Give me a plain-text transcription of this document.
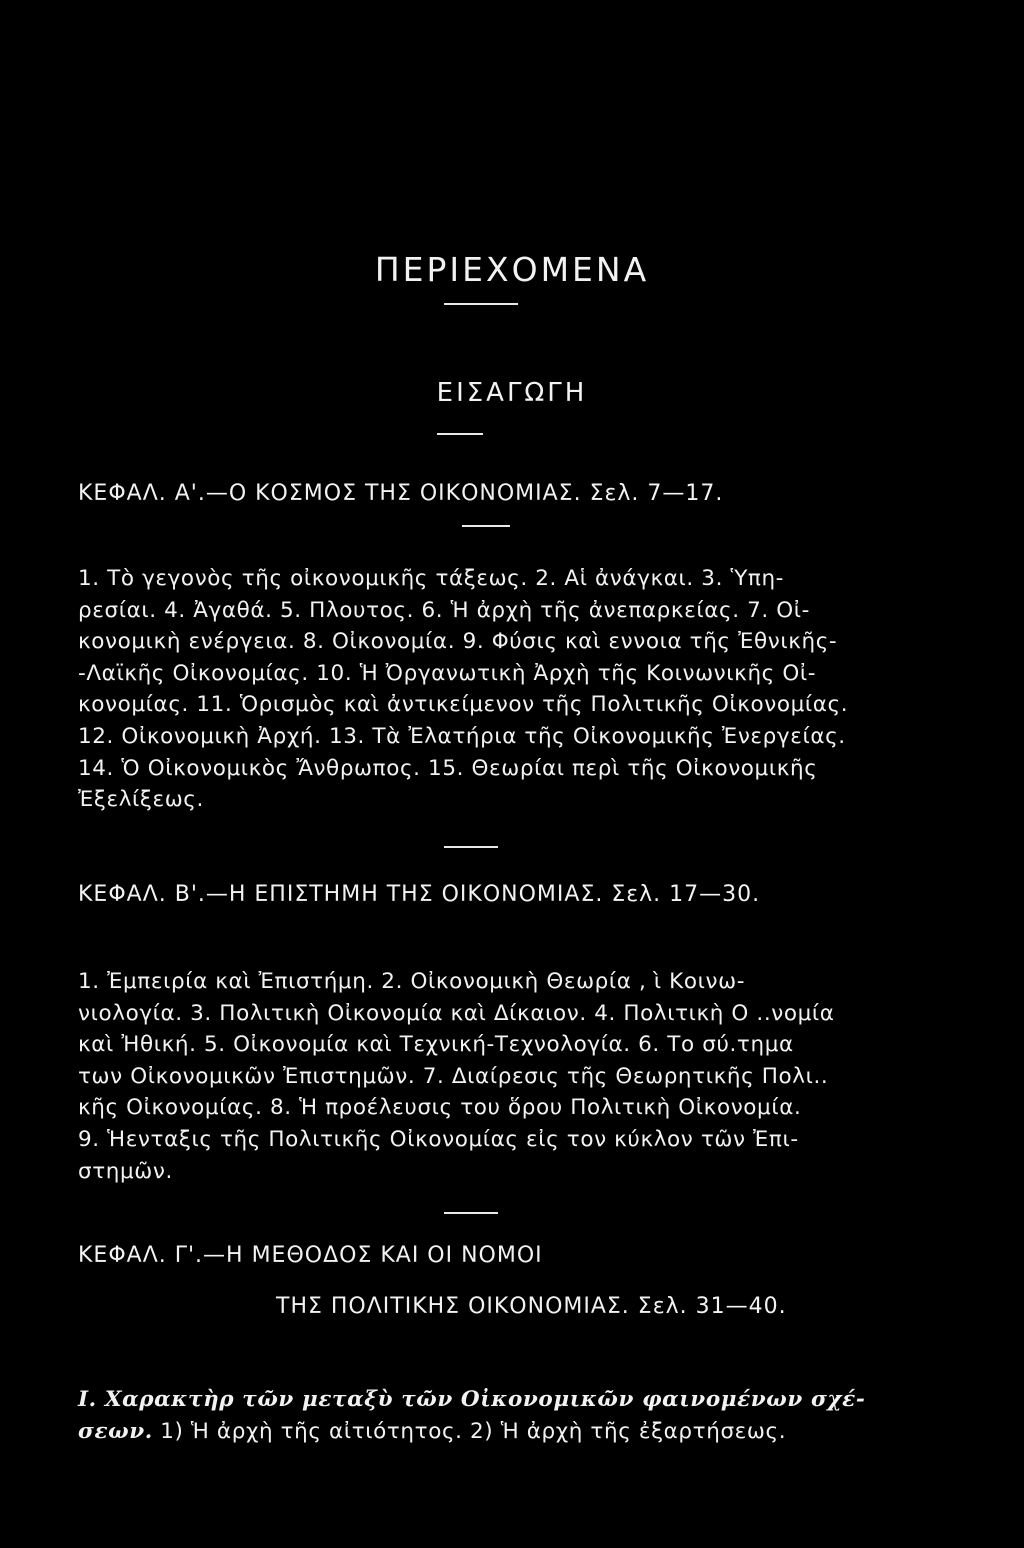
ΠΕΡΙΕΧΟΜΕΝΑ
ΕΙΣΑΓΩΓΗ
ΚΕΦΑΛ. Α'.—Ο ΚΟΣΜΟΣ ΤΗΣ ΟΙΚΟΝΟΜΙΑΣ. Σελ. 7—17.
1. Τὸ γεγονὸς τῆς οἰκονομικῆς τάξεως. 2. Αἱ ἀνάγκαι. 3. Ὑπη-
ρεσίαι. 4. Ἀγαθά. 5. Πλουτος. 6. Ἡ ἀρχὴ τῆς ἀνεπαρκείας. 7. Οἰ-
κονομικὴ ενέργεια. 8. Οἰκονομία. 9. Φύσις καὶ εννοια τῆς Ἐθνικῆς-
-Λαϊκῆς Οἰκονομίας. 10. Ἡ Ὀργανωτικὴ Ἀρχὴ τῆς Κοινωνικῆς Οἰ-
κονομίας. 11. Ὁρισμὸς καὶ ἀντικείμενον τῆς Πολιτικῆς Οἰκονομίας.
12. Οἰκονομικὴ Ἀρχή. 13. Τὰ Ἐλατήρια τῆς Οἰκονομικῆς Ἐνεργείας.
14. Ὁ Οἰκονομικὸς Ἄνθρωπος. 15. Θεωρίαι περὶ τῆς Οἰκονομικῆς
Ἐξελίξεως.
ΚΕΦΑΛ. Β'.—Η ΕΠΙΣΤΗΜΗ ΤΗΣ ΟΙΚΟΝΟΜΙΑΣ. Σελ. 17—30.
1. Ἐμπειρία καὶ Ἐπιστήμη. 2. Οἰκονομικὴ Θεωρία , ὶ Κοινω-
νιολογία. 3. Πολιτικὴ Οἰκονομία καὶ Δίκαιον. 4. Πολιτικὴ Ο ..νομία
καὶ Ἠθική. 5. Οἰκονομία καὶ Τεχνική-Τεχνολογία. 6. Το σύ.τημα
των Οἰκονομικῶν Ἐπιστημῶν. 7. Διαίρεσις τῆς Θεωρητικῆς Πολι..
κῆς Οἰκονομίας. 8. Ἡ προέλευσις του ὅρου Πολιτικὴ Οἰκονομία.
9. Ἡενταξις τῆς Πολιτικῆς Οἰκονομίας εἰς τον κύκλον τῶν Ἐπι-
στημῶν.
ΚΕΦΑΛ. Γ'.—Η ΜΕΘΟΔΟΣ ΚΑΙ ΟΙ ΝΟΜΟΙ
ΤΗΣ ΠΟΛΙΤΙΚΗΣ ΟΙΚΟΝΟΜΙΑΣ. Σελ. 31—40.
I. Χαρακτὴρ τῶν μεταξὺ τῶν Οἰκονομικῶν φαινομένων σχέ-
σεων. 1) Ἡ ἀρχὴ τῆς αἰτιότητος. 2) Ἡ ἀρχὴ τῆς ἐξαρτήσεως.
